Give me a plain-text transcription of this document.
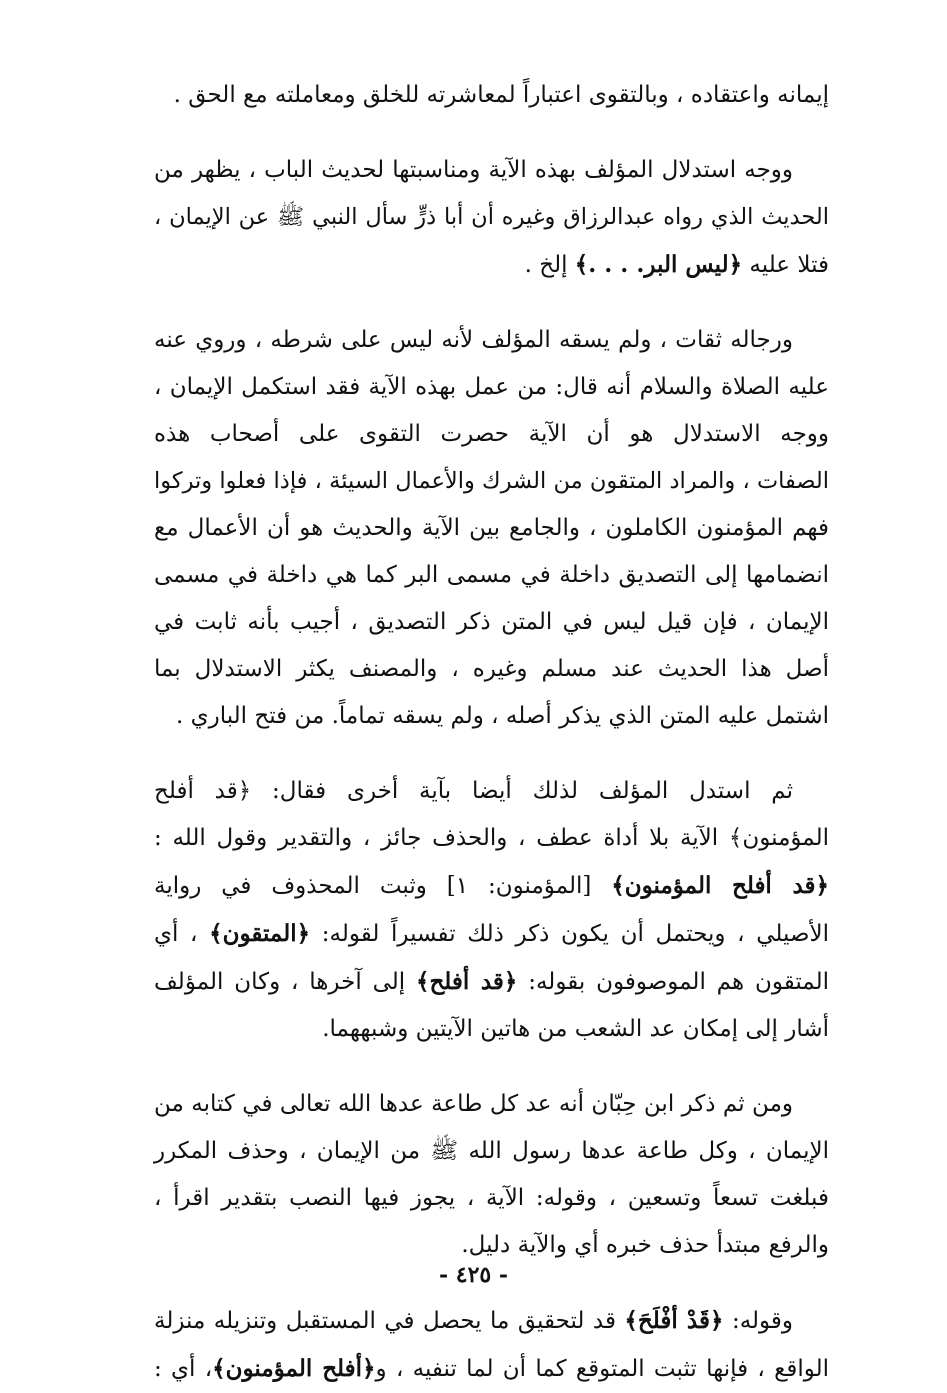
إيمانه واعتقاده ، وبالتقوى اعتباراً لمعاشرته للخلق ومعاملته مع الحق .

ووجه استدلال المؤلف بهذه الآية ومناسبتها لحديث الباب ، يظهر من
الحديث الذي رواه عبدالرزاق وغيره أن أبا ذرٍّ سأل النبي ﷺ عن الإيمان ،
فتلا عليه ﴿ليس البر. . . .﴾ إلخ .

ورجاله ثقات ، ولم يسقه المؤلف لأنه ليس على شرطه ، وروي عنه
عليه الصلاة والسلام أنه قال: من عمل بهذه الآية فقد استكمل الإيمان ،
ووجه الاستدلال هو أن الآية حصرت التقوى على أصحاب هذه
الصفات ، والمراد المتقون من الشرك والأعمال السيئة ، فإذا فعلوا وتركوا
فهم المؤمنون الكاملون ، والجامع بين الآية والحديث هو أن الأعمال مع
انضمامها إلى التصديق داخلة في مسمى البر كما هي داخلة في مسمى
الإيمان ، فإن قيل ليس في المتن ذكر التصديق ، أجيب بأنه ثابت في
أصل هذا الحديث عند مسلم وغيره ، والمصنف يكثر الاستدلال بما
اشتمل عليه المتن الذي يذكر أصله ، ولم يسقه تماماً. من فتح الباري .

ثم استدل المؤلف لذلك أيضا بآية أخرى فقال: ﴿قد أفلح
المؤمنون﴾ الآية بلا أداة عطف ، والحذف جائز ، والتقدير وقول الله :
﴿قد أفلح المؤمنون﴾ [المؤمنون: ١] وثبت المحذوف في رواية
الأصيلي ، ويحتمل أن يكون ذكر ذلك تفسيراً لقوله: ﴿المتقون﴾ ، أي
المتقون هم الموصوفون بقوله: ﴿قد أفلح﴾ إلى آخرها ، وكان المؤلف
أشار إلى إمكان عد الشعب من هاتين الآيتين وشبههما.

ومن ثم ذكر ابن حِبّان أنه عد كل طاعة عدها الله تعالى في كتابه من
الإيمان ، وكل طاعة عدها رسول الله ﷺ من الإيمان ، وحذف المكرر
فبلغت تسعاً وتسعين ، وقوله: الآية ، يجوز فيها النصب بتقدير اقرأ ،
والرفع مبتدأ حذف خبره أي والآية دليل.

وقوله: ﴿قَدْ أفْلَحَ﴾ قد لتحقيق ما يحصل في المستقبل وتنزيله منزلة
الواقع ، فإنها تثبت المتوقع كما أن لما تنفيه ، و﴿أفلح المؤمنون﴾، أي :

- ٤٢٥ -
